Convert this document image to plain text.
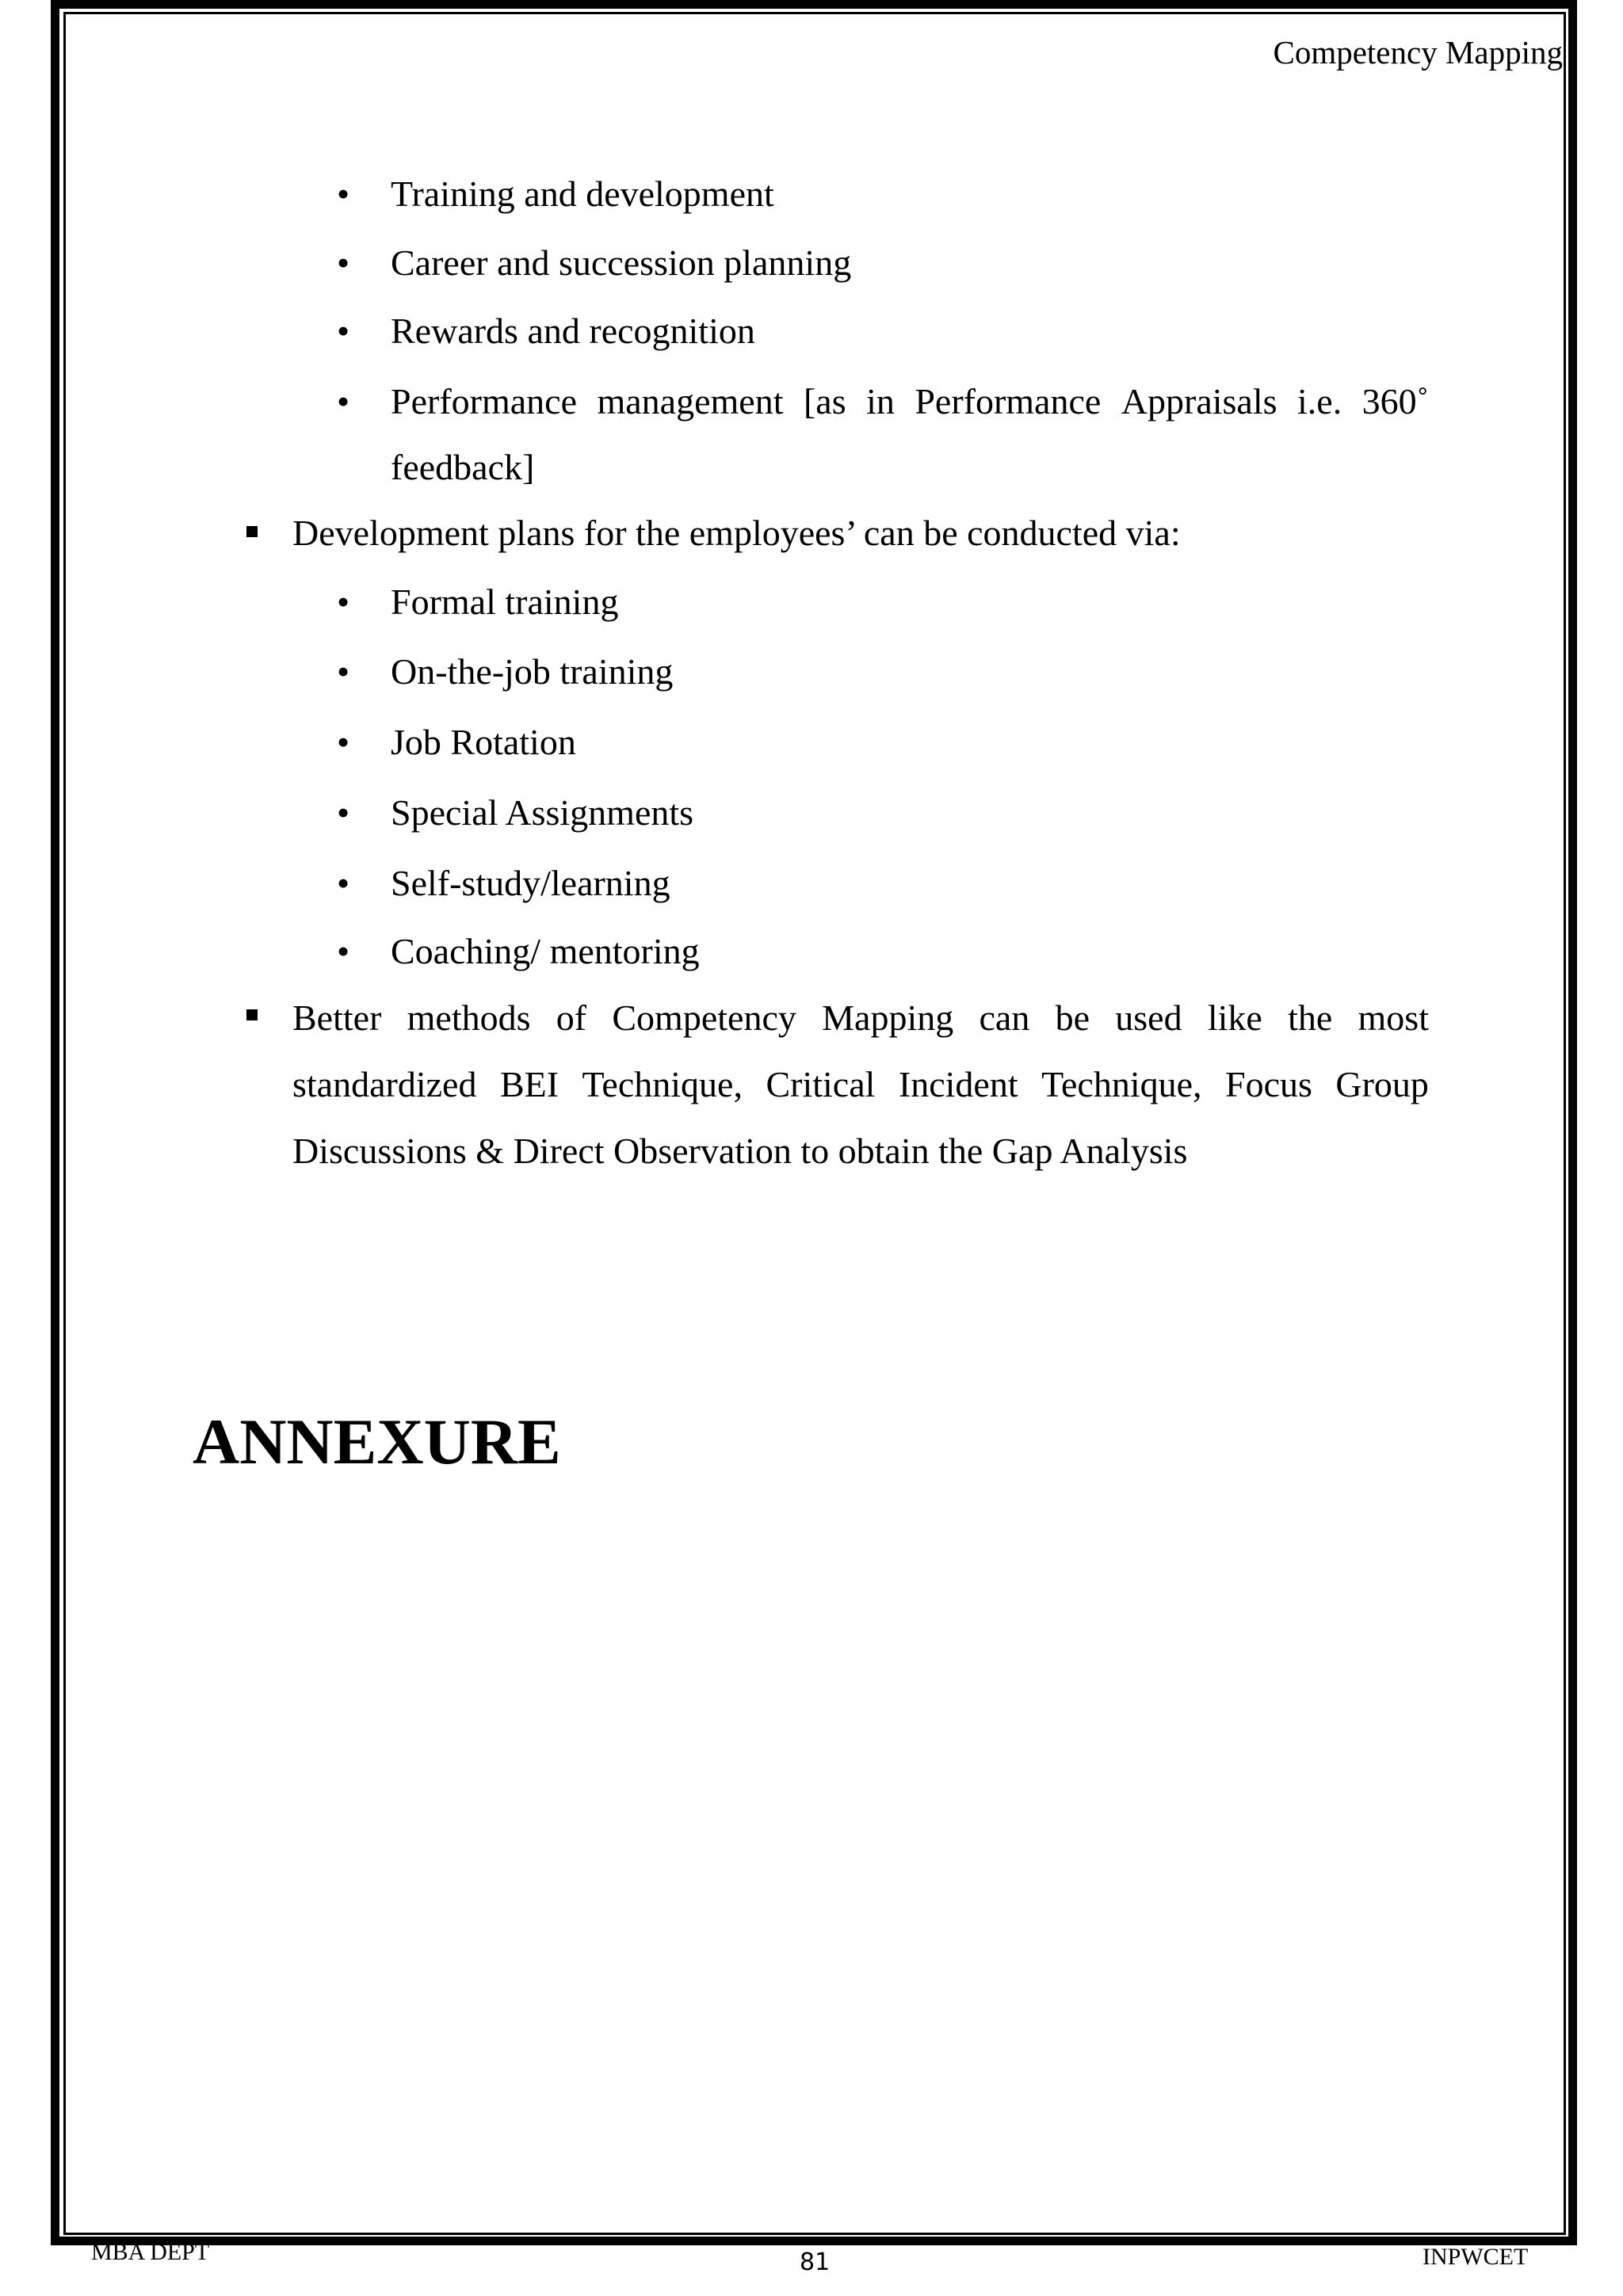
Competency Mapping
• Training and development
• Career and succession planning
• Rewards and recognition
• Performance management [as in Performance Appraisals i.e. 360˚
feedback]
Development plans for the employees’ can be conducted via:
• Formal training
• On-the-job training
• Job Rotation
• Special Assignments
• Self-study/learning
• Coaching/ mentoring
Better methods of Competency Mapping can be used like the most
standardized BEI Technique, Critical Incident Technique, Focus Group
Discussions & Direct Observation to obtain the Gap Analysis
ANNEXURE
MBA DEPT	81	INPWCET
